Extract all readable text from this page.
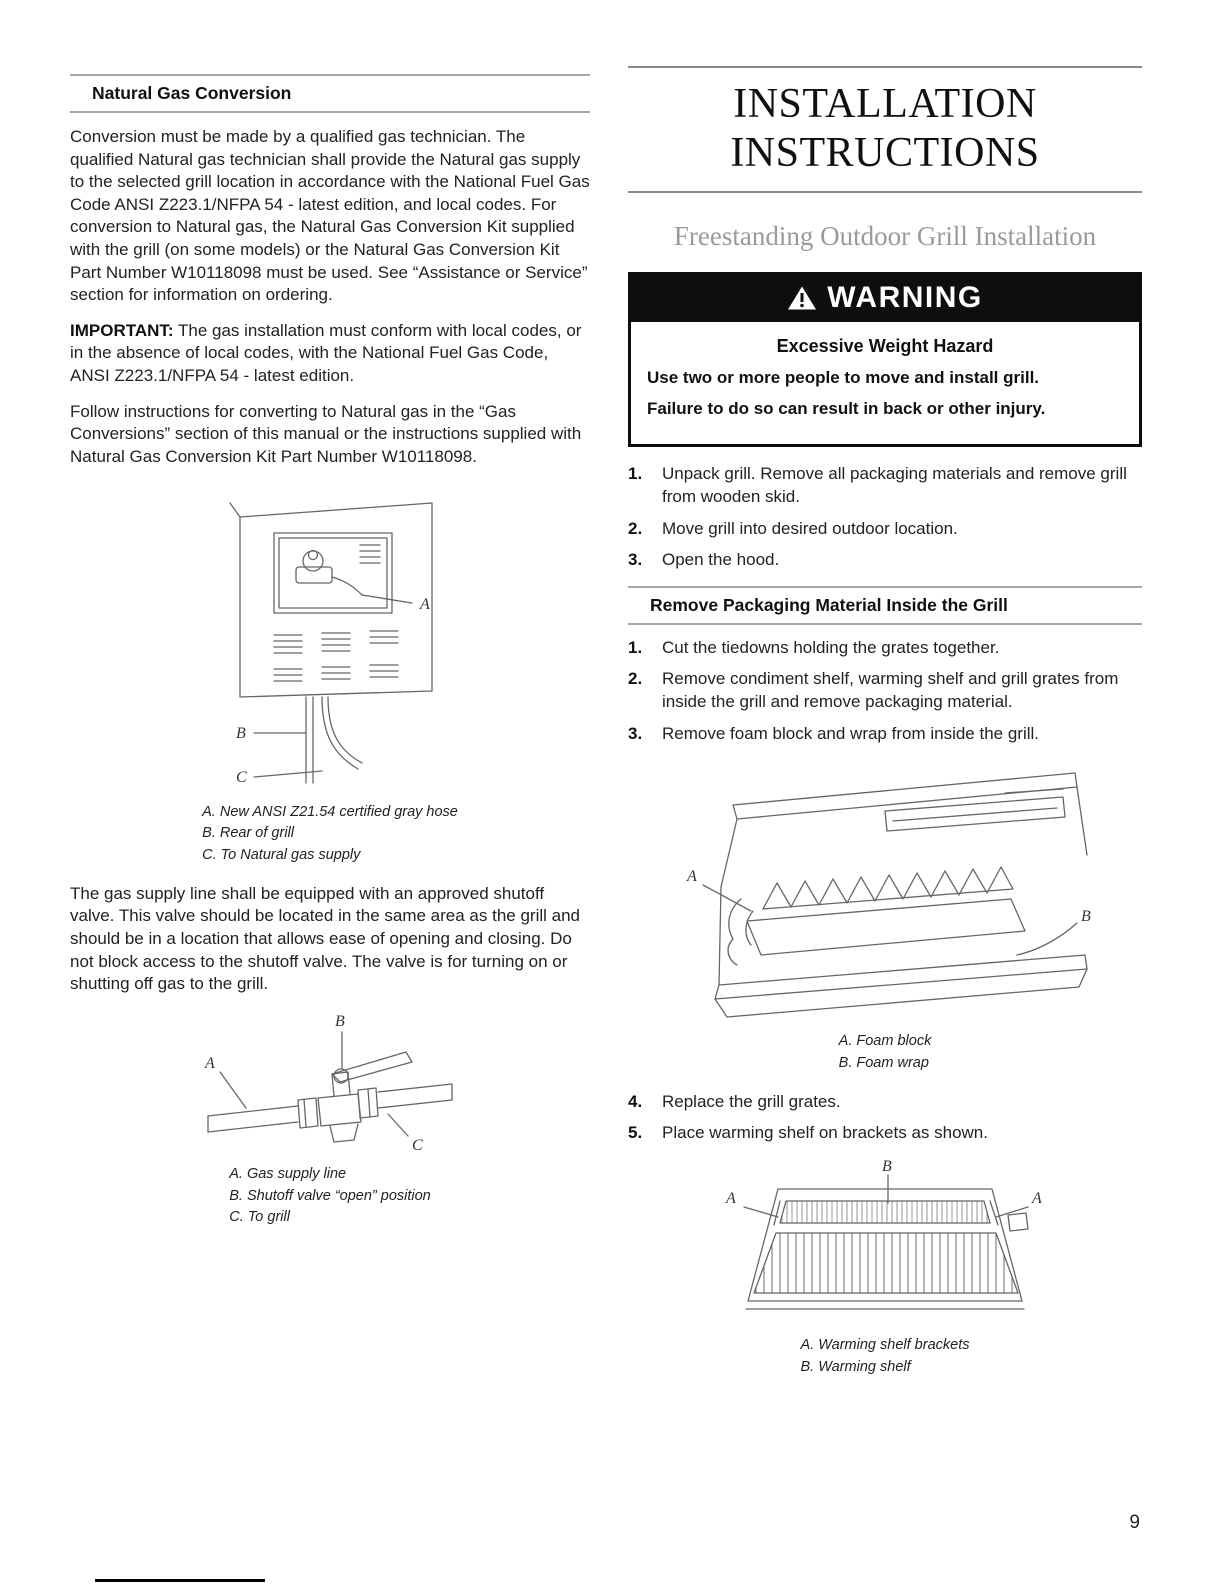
Natural Gas Conversion

Conversion must be made by a qualified gas technician. The qualified Natural gas technician shall provide the Natural gas supply to the selected grill location in accordance with the National Fuel Gas Code ANSI Z223.1/NFPA 54 - latest edition, and local codes. For conversion to Natural gas, the Natural Gas Conversion Kit supplied with the grill (on some models) or the Natural Gas Conversion Kit Part Number W10118098 must be used. See “Assistance or Service” section for information on ordering.

IMPORTANT: The gas installation must conform with local codes, or in the absence of local codes, with the National Fuel Gas Code, ANSI Z223.1/NFPA 54 - latest edition.

Follow instructions for converting to Natural gas in the “Gas Conversions” section of this manual or the instructions supplied with Natural Gas Conversion Kit Part Number W10118098.

A
B
C
A. New ANSI Z21.54 certified gray hose
B. Rear of grill
C. To Natural gas supply

The gas supply line shall be equipped with an approved shutoff valve. This valve should be located in the same area as the grill and should be in a location that allows ease of opening and closing. Do not block access to the shutoff valve. The valve is for turning on or shutting off gas to the grill.

B
A
C
A. Gas supply line
B. Shutoff valve “open” position
C. To grill
INSTALLATION
INSTRUCTIONS
Freestanding Outdoor Grill Installation
WARNING
Excessive Weight Hazard
Use two or more people to move and install grill.
Failure to do so can result in back or other injury.
1.	Unpack grill. Remove all packaging materials and remove grill from wooden skid.
2.	Move grill into desired outdoor location.
3.	Open the hood.
Remove Packaging Material Inside the Grill
1.	Cut the tiedowns holding the grates together.
2.	Remove condiment shelf, warming shelf and grill grates from inside the grill and remove packaging material.
3.	Remove foam block and wrap from inside the grill.
A
B
A. Foam block
B. Foam wrap
4.	Replace the grill grates.
5.	Place warming shelf on brackets as shown.
B
A	A
A. Warming shelf brackets
B. Warming shelf
9
